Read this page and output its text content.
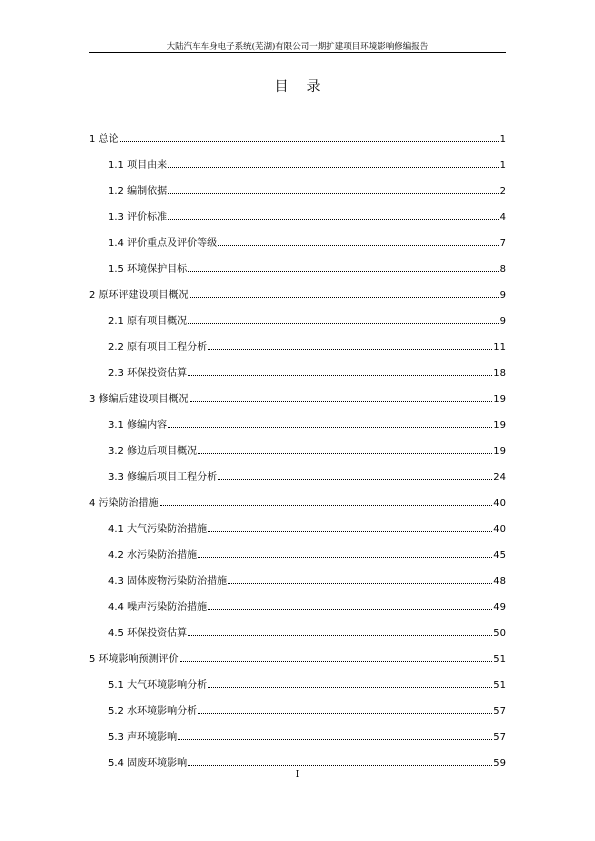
大陆汽车车身电子系统(芜湖)有限公司一期扩建项目环境影响修编报告
目录
1 总论	1
1.1 项目由来	1
1.2 编制依据	2
1.3 评价标准	4
1.4 评价重点及评价等级	7
1.5 环境保护目标	8
2 原环评建设项目概况	9
2.1 原有项目概况	9
2.2 原有项目工程分析	11
2.3 环保投资估算	18
3 修编后建设项目概况	19
3.1 修编内容	19
3.2 修边后项目概况	19
3.3 修编后项目工程分析	24
4 污染防治措施	40
4.1 大气污染防治措施	40
4.2 水污染防治措施	45
4.3 固体废物污染防治措施	48
4.4 噪声污染防治措施	49
4.5 环保投资估算	50
5 环境影响预测评价	51
5.1 大气环境影响分析	51
5.2 水环境影响分析	57
5.3 声环境影响	57
5.4 固废环境影响	59
I
